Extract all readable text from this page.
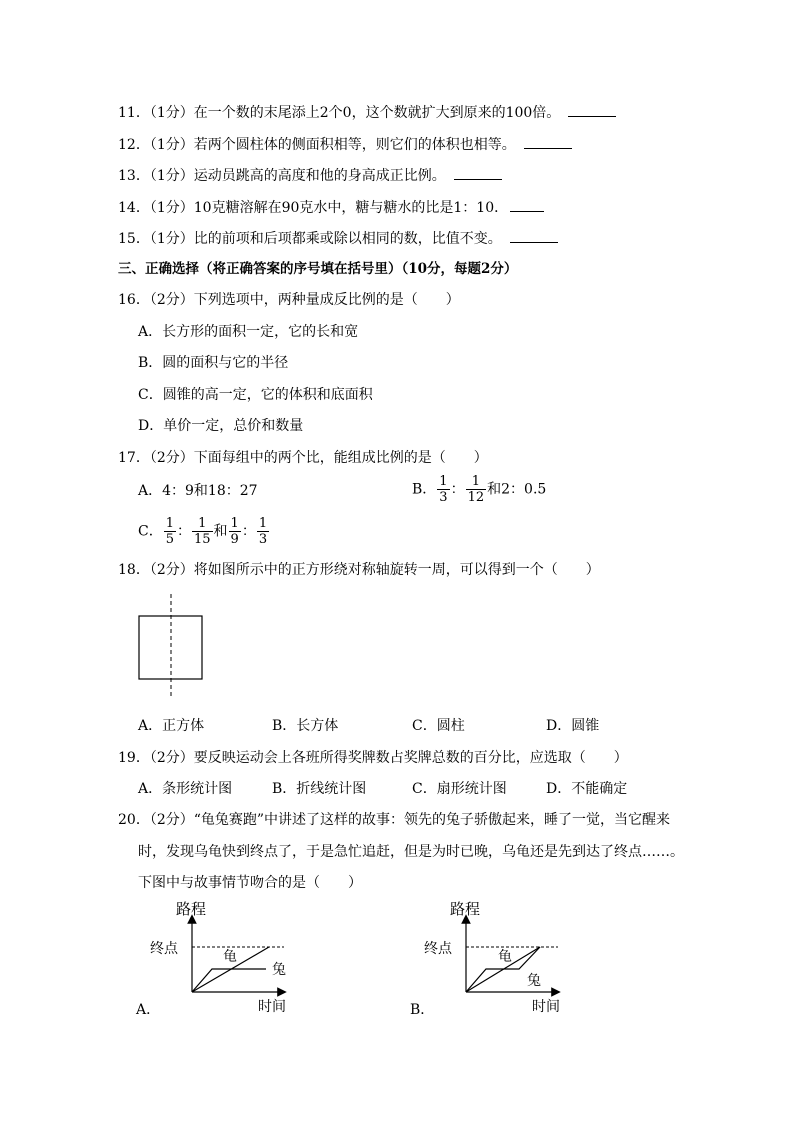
11．（1分）在一个数的末尾添上2个0，这个数就扩大到原来的100倍。
12．（1分）若两个圆柱体的侧面积相等，则它们的体积也相等。
13．（1分）运动员跳高的高度和他的身高成正比例。
14．（1分）10克糖溶解在90克水中，糖与糖水的比是1：10．
15．（1分）比的前项和后项都乘或除以相同的数，比值不变。
三、正确选择（将正确答案的序号填在括号里）（10分，每题2分）
16．（2分）下列选项中，两种量成反比例的是（　　）
A．长方形的面积一定，它的长和宽
B．圆的面积与它的半径
C．圆锥的高一定，它的体积和底面积
D．单价一定，总价和数量
17．（2分）下面每组中的两个比，能组成比例的是（　　）
A．4：9和18：27	B． $\frac{1}{3}$ ： $\frac{1}{12}$ 和2：0.5
C． $\frac{1}{5}$ ： $\frac{1}{15}$ 和 $\frac{1}{9}$ ： $\frac{1}{3}$
18．（2分）将如图所示中的正方形绕对称轴旋转一周，可以得到一个（　　）
A．正方体	B．长方体	C．圆柱	D．圆锥
19．（2分）要反映运动会上各班所得奖牌数占奖牌总数的百分比，应选取（　　）
A．条形统计图	B．折线统计图	C．扇形统计图	D．不能确定
20．（2分）“龟兔赛跑”中讲述了这样的故事：领先的兔子骄傲起来，睡了一觉，当它醒来
时，发现乌龟快到终点了，于是急忙追赶，但是为时已晚，乌龟还是先到达了终点……。
下图中与故事情节吻合的是（　　）
路程
时间
终点	龟
兔
A．
路程
时间
终点	龟
兔
B．
